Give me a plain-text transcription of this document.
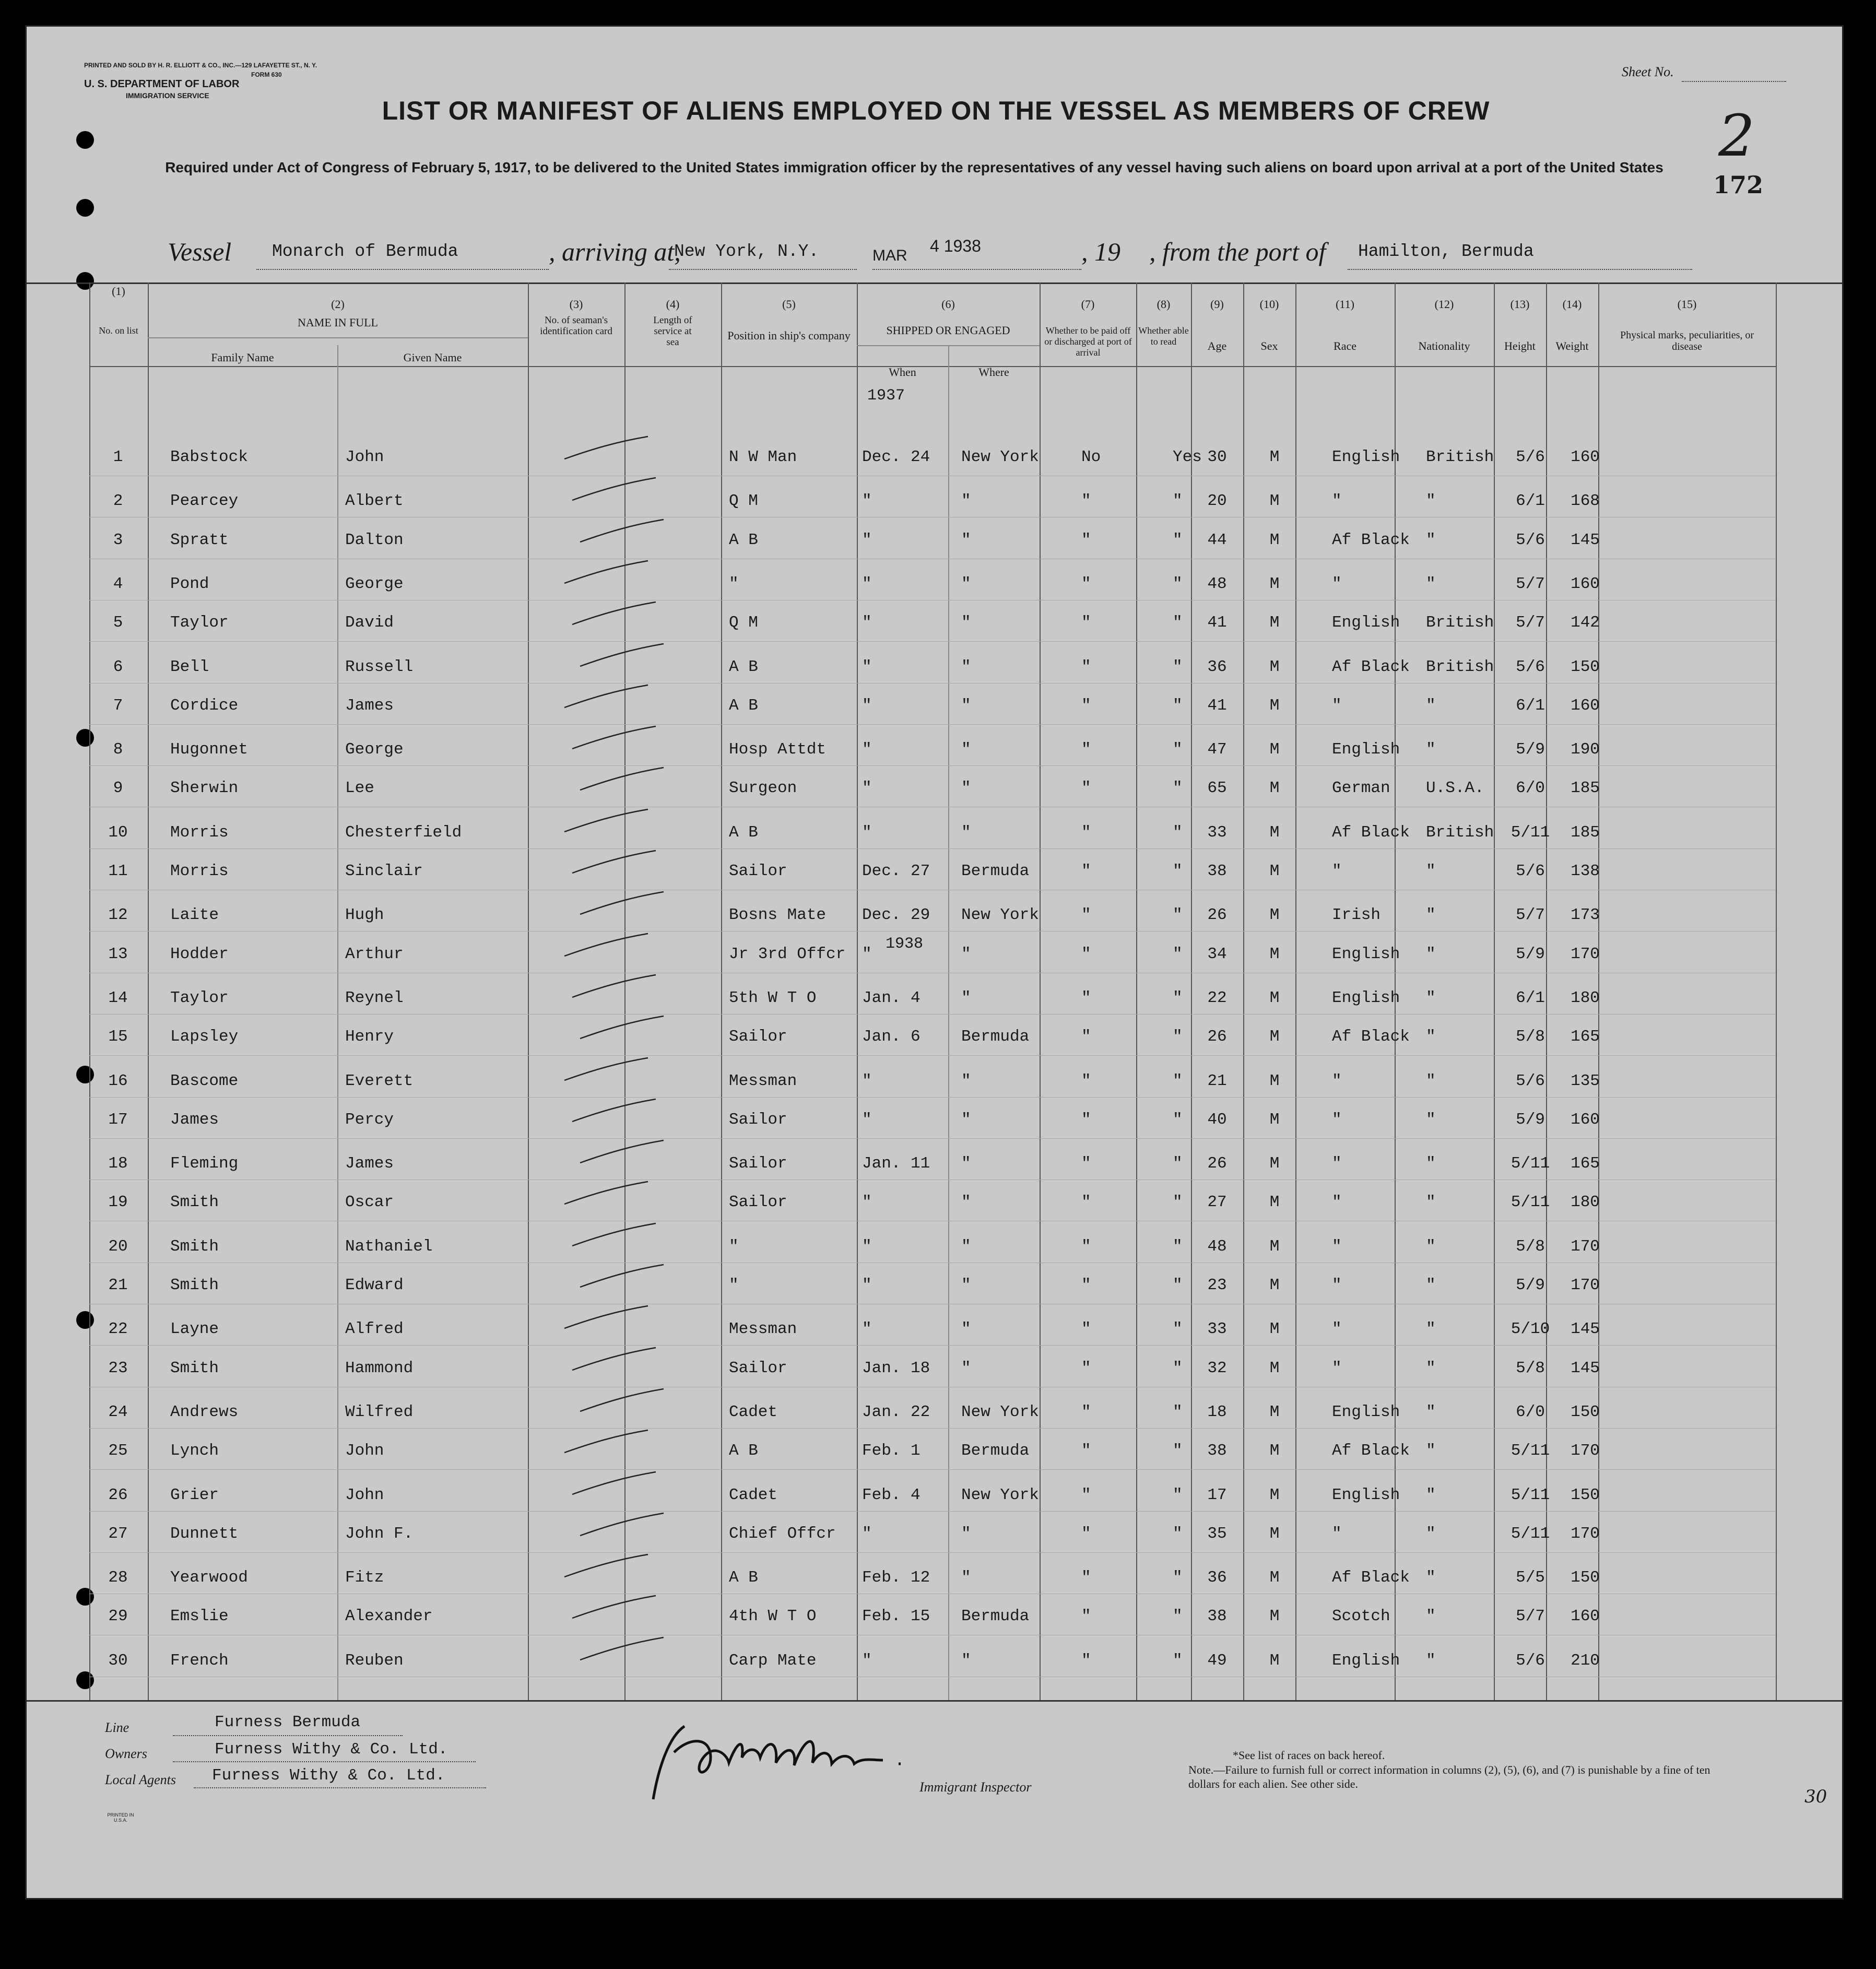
PRINTED AND SOLD BY H. R. ELLIOTT & CO., INC.—129 LAFAYETTE ST., N. Y.
FORM 630
U. S. DEPARTMENT OF LABOR
IMMIGRATION SERVICE
Sheet No.
2
172
LIST OR MANIFEST OF ALIENS EMPLOYED ON THE VESSEL AS MEMBERS OF CREW
Required under Act of Congress of February 5, 1917, to be delivered to the United States immigration officer by the representatives of any vessel having such aliens on board upon arrival at a port of the United States
Vessel Monarch of Bermuda	, arriving at,
New York, N.Y.	MAR
4 1938	, 19 , from the port of Hamilton, Bermuda
(1)
No. on list
(2)
NAME IN FULL
Family Name	Given Name
(3)
No. of seaman's identification card
(4)
Length of service at sea
(5)
Position in ship's company
(6)
SHIPPED OR ENGAGED
When	Where
(7)
Whether to be paid off or discharged at port of arrival
(8)
Whether able to read
(9)
Age
(10)
Sex
(11)
Race
(12)
Nationality
(13)
Height
(14)
Weight
(15)
Physical marks, peculiarities, or disease
1937
1938
1	Babstock	John	N W Man	Dec. 24 New York	No	Yes 30	M	English British	5/6	160
2	Pearcey	Albert	Q M	"	"	"	"	20	M	"	"	6/1	168
3	Spratt	Dalton	A B	"	"	"	"	44	M	Af Black "	5/6	145
4	Pond	George	"	"	"	"	"	48	M	"	"	5/7	160
5	Taylor	David	Q M	"	"	"	"	41	M	English British	5/7	142
6	Bell	Russell	A B	"	"	"	"	36	M	Af Black British	5/6	150
7	Cordice	James	A B	"	"	"	"	41	M	"	"	6/1	160
8	Hugonnet	George	Hosp Attdt "	"	"	"	47	M	English "	5/9	190
9	Sherwin	Lee	Surgeon	"	"	"	"	65	M	German U.S.A.	6/0	185
10	Morris	Chesterfield	A B	"	"	"	"	33	M	Af Black British 5/11	185
11	Morris	Sinclair	Sailor	Dec. 27 Bermuda	"	"	38	M	"	"	5/6	138
12	Laite	Hugh	Bosns Mate Dec. 29 New York	"	"	26	M	Irish	"	5/7	173
13	Hodder	Arthur	Jr 3rd Offcr "	"	"	"	34	M	English "	5/9	170
14	Taylor	Reynel	5th W T O	Jan. 4	"	"	"	22	M	English "	6/1	180
15	Lapsley	Henry	Sailor	Jan. 6	Bermuda	"	"	26	M	Af Black "	5/8	165
16	Bascome	Everett	Messman	"	"	"	"	21	M	"	"	5/6	135
17	James	Percy	Sailor	"	"	"	"	40	M	"	"	5/9	160
18	Fleming	James	Sailor	Jan. 11 "	"	"	26	M	"	"	5/11	165
19	Smith	Oscar	Sailor	"	"	"	"	27	M	"	"	5/11	180
20	Smith	Nathaniel	"	"	"	"	"	48	M	"	"	5/8	170
21	Smith	Edward	"	"	"	"	"	23	M	"	"	5/9	170
22	Layne	Alfred	Messman	"	"	"	"	33	M	"	"	5/10	145
23	Smith	Hammond	Sailor	Jan. 18 "	"	"	32	M	"	"	5/8	145
24	Andrews	Wilfred	Cadet	Jan. 22 New York	"	"	18	M	English "	6/0	150
25	Lynch	John	A B	Feb. 1	Bermuda	"	"	38	M	Af Black "	5/11	170
26	Grier	John	Cadet	Feb. 4	New York	"	"	17	M	English "	5/11	150
27	Dunnett	John F.	Chief Offcr "	"	"	"	35	M	"	"	5/11	170
28	Yearwood	Fitz	A B	Feb. 12 "	"	"	36	M	Af Black "	5/5	150
29	Emslie	Alexander	4th W T O	Feb. 15 Bermuda	"	"	38	M	Scotch "	5/7	160
30	French	Reuben	Carp Mate	"	"	"	"	49	M	English "	5/6	210
Line	Furness Bermuda
Owners	Furness Withy & Co. Ltd.
Local Agents Furness Withy & Co. Ltd.
Immigrant Inspector
*See list of races on back hereof.
Note.—Failure to furnish full or correct information in columns (2), (5), (6), and (7) is punishable by a fine of ten dollars for each alien. See other side.
PRINTED IN U.S.A.
30
